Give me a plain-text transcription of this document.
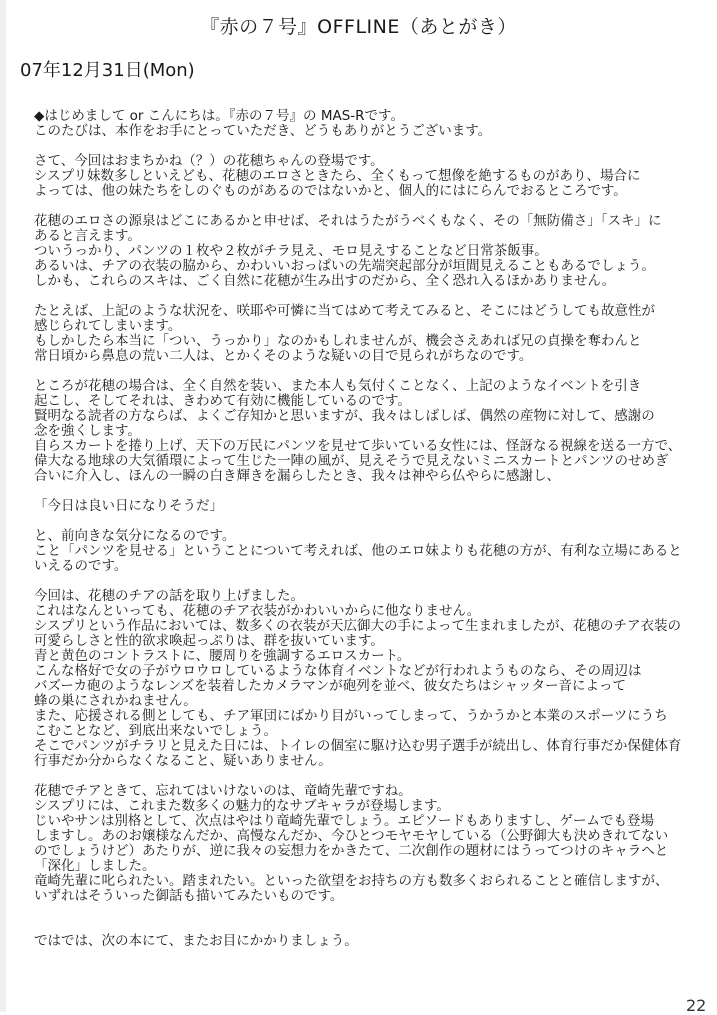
『赤の７号』OFFLINE（あとがき）
07年12月31日(Mon)
◆はじめまして or こんにちは。『赤の７号』の MAS-Rです。
このたびは、本作をお手にとっていただき、どうもありがとうございます。
さて、今回はおまちかね（？）の花穂ちゃんの登場です。
シスプリ妹数多しといえども、花穂のエロさときたら、全くもって想像を絶するものがあり、場合に
よっては、他の妹たちをしのぐものがあるのではないかと、個人的にはにらんでおるところです。
花穂のエロさの源泉はどこにあるかと申せば、それはうたがうべくもなく、その「無防備さ」「スキ」に
あると言えます。
ついうっかり、パンツの１枚や２枚がチラ見え、モロ見えすることなど日常茶飯事。
あるいは、チアの衣装の脇から、かわいいおっぱいの先端突起部分が垣間見えることもあるでしょう。
しかも、これらのスキは、ごく自然に花穂が生み出すのだから、全く恐れ入るほかありません。
たとえば、上記のような状況を、咲耶や可憐に当てはめて考えてみると、そこにはどうしても故意性が
感じられてしまいます。
もしかしたら本当に「つい、うっかり」なのかもしれませんが、機会さえあれば兄の貞操を奪わんと
常日頃から鼻息の荒い二人は、とかくそのような疑いの目で見られがちなのです。
ところが花穂の場合は、全く自然を装い、また本人も気付くことなく、上記のようなイベントを引き
起こし、そしてそれは、きわめて有効に機能しているのです。
賢明なる読者の方ならば、よくご存知かと思いますが、我々はしばしば、偶然の産物に対して、感謝の
念を強くします。
自らスカートを捲り上げ、天下の万民にパンツを見せて歩いている女性には、怪訝なる視線を送る一方で、
偉大なる地球の大気循環によって生じた一陣の風が、見えそうで見えないミニスカートとパンツのせめぎ
合いに介入し、ほんの一瞬の白き輝きを漏らしたとき、我々は神やら仏やらに感謝し、
「今日は良い日になりそうだ」
と、前向きな気分になるのです。
こと「パンツを見せる」ということについて考えれば、他のエロ妹よりも花穂の方が、有利な立場にあると
いえるのです。
今回は、花穂のチアの話を取り上げました。
これはなんといっても、花穂のチア衣装がかわいいからに他なりません。
シスプリという作品においては、数多くの衣装が天広御大の手によって生まれましたが、花穂のチア衣装の
可愛らしさと性的欲求喚起っぷりは、群を抜いています。
青と黄色のコントラストに、腰周りを強調するエロスカート。
こんな格好で女の子がウロウロしているような体育イベントなどが行われようものなら、その周辺は
バズーカ砲のようなレンズを装着したカメラマンが砲列を並べ、彼女たちはシャッター音によって
蜂の巣にされかねません。
また、応援される側としても、チア軍団にばかり目がいってしまって、うかうかと本業のスポーツにうち
こむことなど、到底出来ないでしょう。
そこでパンツがチラリと見えた日には、トイレの個室に駆け込む男子選手が続出し、体育行事だか保健体育
行事だか分からなくなること、疑いありません。
花穂でチアときて、忘れてはいけないのは、竜崎先輩ですね。
シスプリには、これまた数多くの魅力的なサブキャラが登場します。
じいやサンは別格として、次点はやはり竜崎先輩でしょう。エピソードもありますし、ゲームでも登場
しますし。あのお嬢様なんだか、高慢なんだか、今ひとつモヤモヤしている（公野御大も決めきれてない
のでしょうけど）あたりが、逆に我々の妄想力をかきたて、二次創作の題材にはうってつけのキャラへと
「深化」しました。
竜崎先輩に叱られたい。踏まれたい。といった欲望をお持ちの方も数多くおられることと確信しますが、
いずれはそういった御話も描いてみたいものです。
ではでは、次の本にて、またお目にかかりましょう。
22
